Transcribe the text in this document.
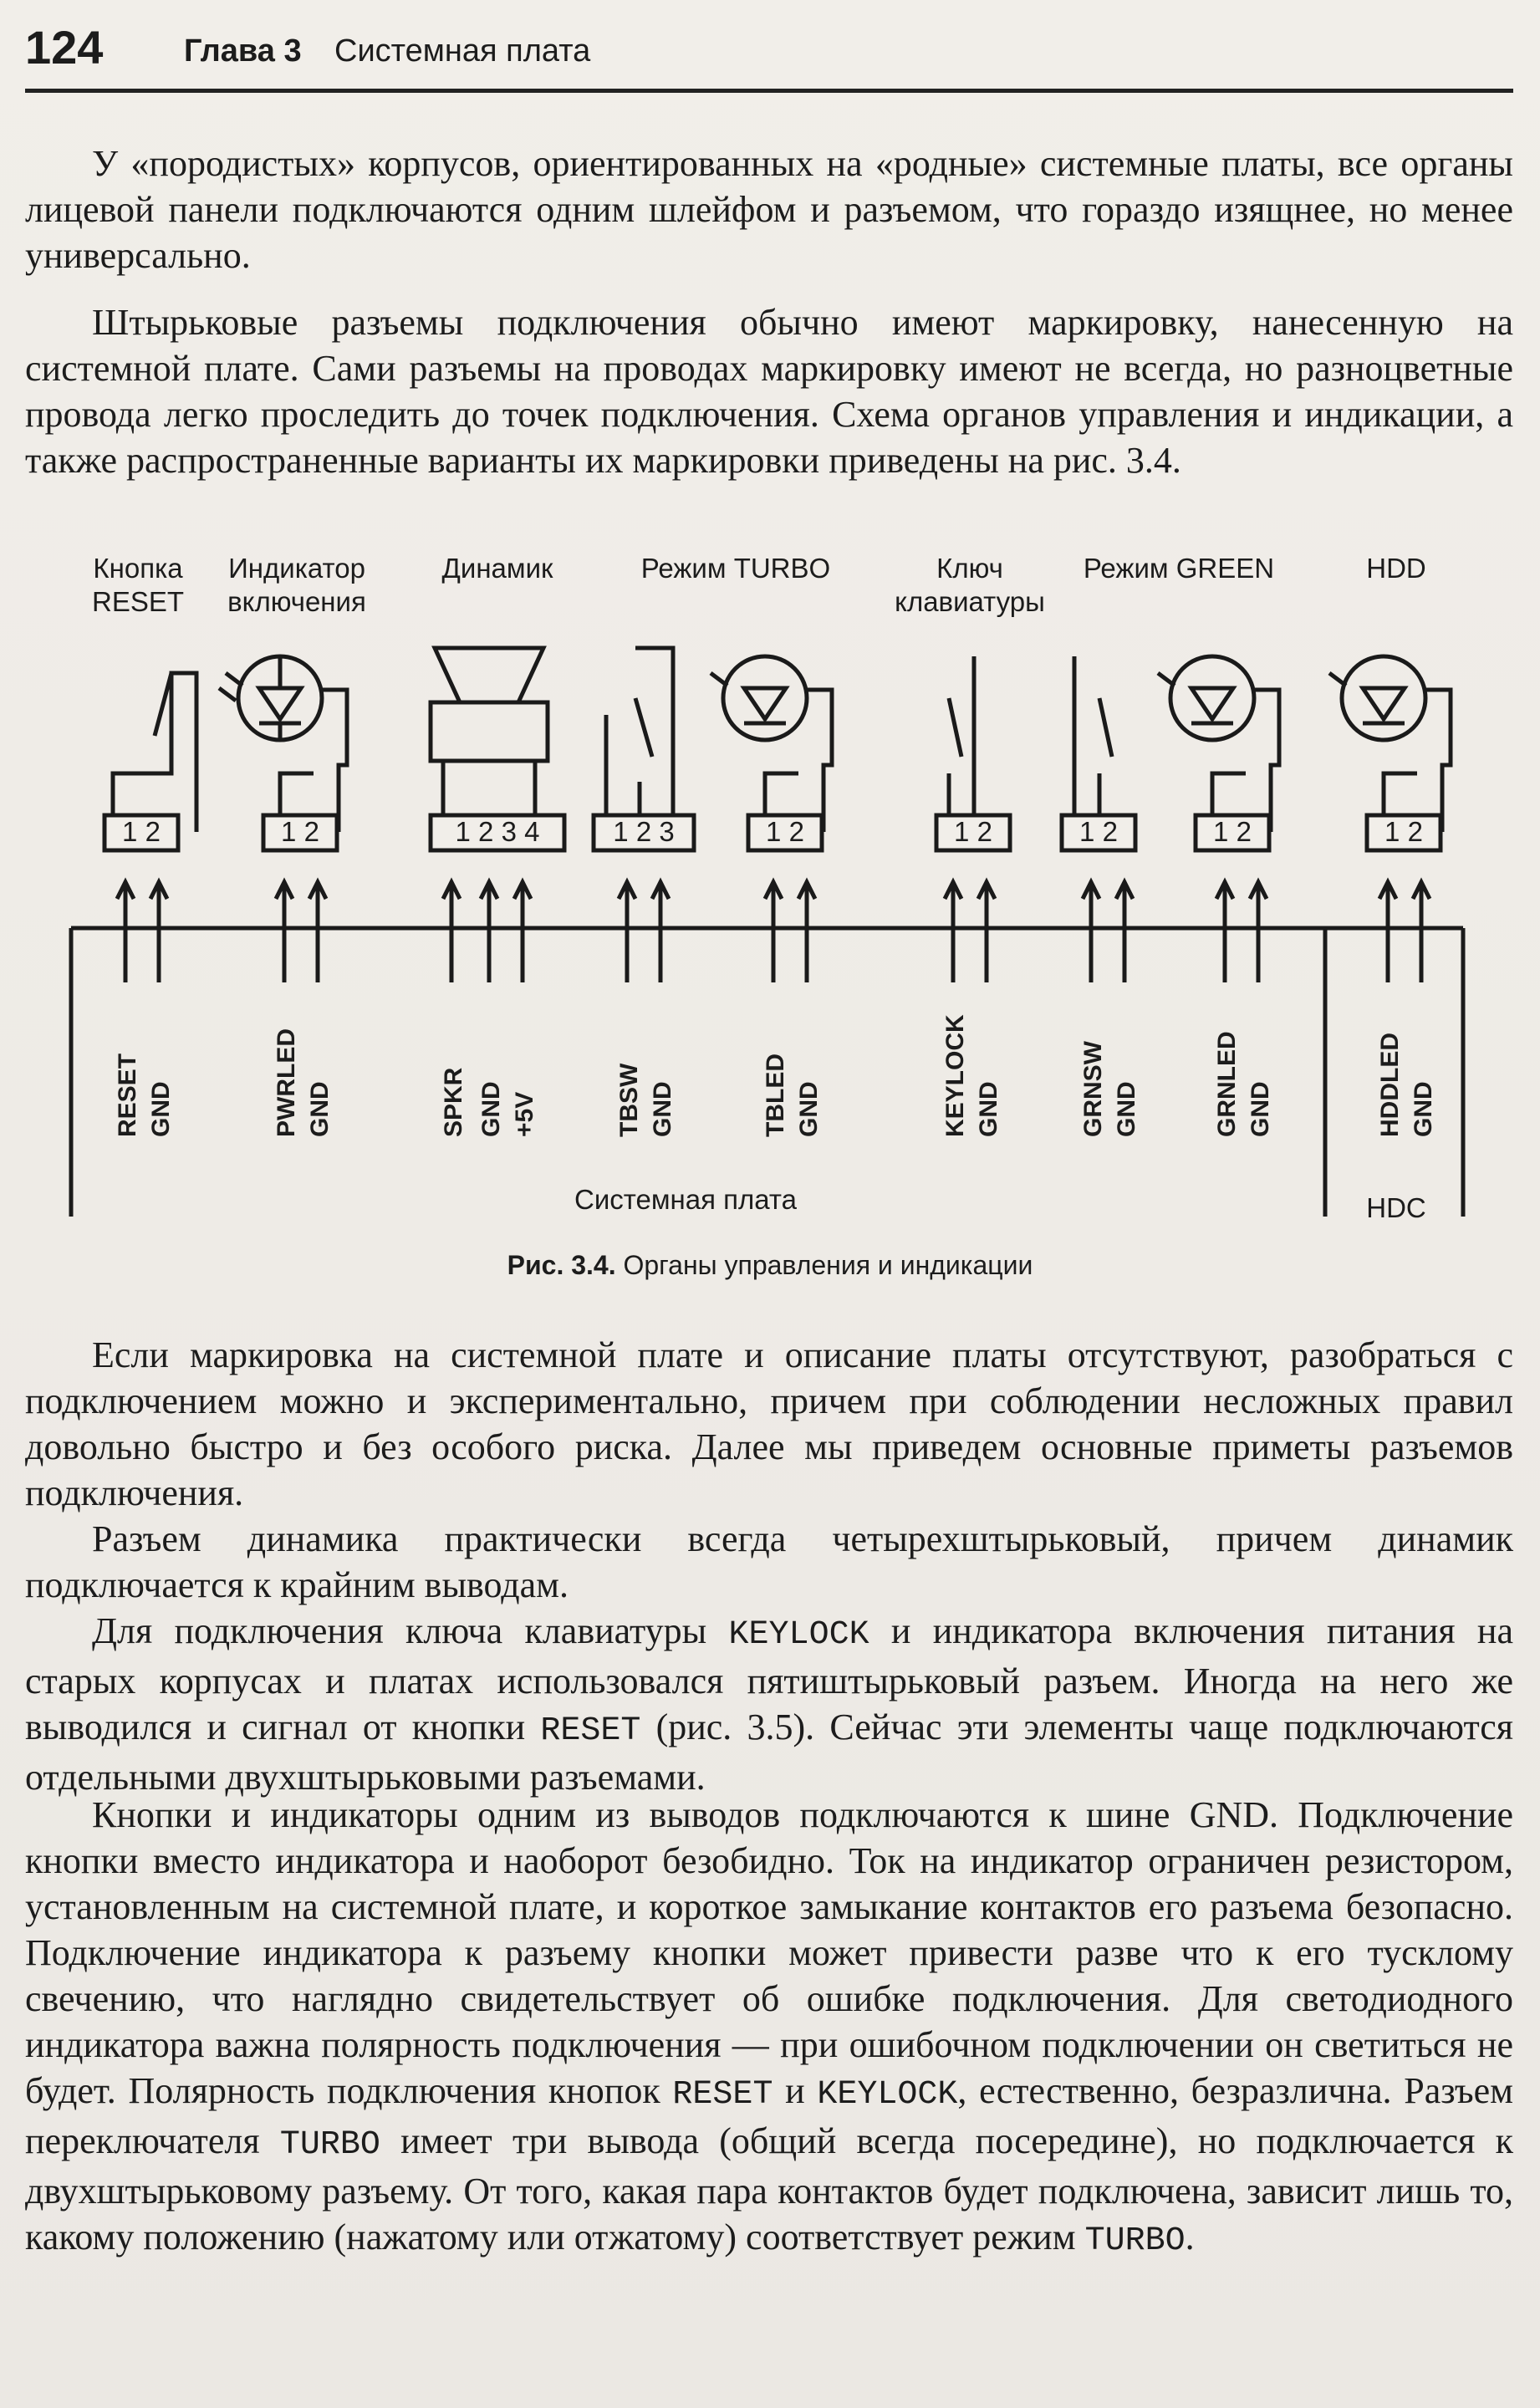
124	Глава 3 Системная плата

У «породистых» корпусов, ориентированных на «родные» системные платы, все органы лицевой панели подключаются одним шлейфом и разъемом, что гораздо изящнее, но менее универсально.

Штырьковые разъемы подключения обычно имеют маркировку, нанесенную на системной плате. Сами разъемы на проводах маркировку имеют не всегда, но разноцветные провода легко проследить до точек подключения. Схема органов управления и индикации, а также распространенные варианты их маркировки приведены на рис. 3.4.

Кнопка
RESET
Индикатор
включения
Динамик	Режим TURBO	Ключ
клавиатуры
Режим GREEN	HDD
1 2	1 2	1 2 3 4	1 2 3	1 2	1 2	1 2	1 2	1 2
RESET GND	PWRLED GND	SPKR GND +5V	TBSW GND	TBLED GND	KEYLOCK GND	GRNSW GND	GRNLED GND	HDDLED GND
Системная плата	HDC
Рис. 3.4. Органы управления и индикации

Если маркировка на системной плате и описание платы отсутствуют, разобраться с подключением можно и экспериментально, причем при соблюдении несложных правил довольно быстро и без особого риска. Далее мы приведем основные приметы разъемов подключения.

Разъем динамика практически всегда четырехштырьковый, причем динамик подключается к крайним выводам.

Для подключения ключа клавиатуры KEYLOCK и индикатора включения питания на старых корпусах и платах использовался пятиштырьковый разъем. Иногда на него же выводился и сигнал от кнопки RESET (рис. 3.5). Сейчас эти элементы чаще подключаются отдельными двухштырьковыми разъемами.

Кнопки и индикаторы одним из выводов подключаются к шине GND. Подключение кнопки вместо индикатора и наоборот безобидно. Ток на индикатор ограничен резистором, установленным на системной плате, и короткое замыкание контактов его разъема безопасно. Подключение индикатора к разъему кнопки может привести разве что к его тусклому свечению, что наглядно свидетельствует об ошибке подключения. Для светодиодного индикатора важна полярность подключения — при ошибочном подключении он светиться не будет. Полярность подключения кнопок RESET и KEYLOCK, естественно, безразлична. Разъем переключателя TURBO имеет три вывода (общий всегда посередине), но подключается к двухштырьковому разъему. От того, какая пара контактов будет подключена, зависит лишь то, какому положению (нажатому или отжатому) соответствует режим TURBO.
